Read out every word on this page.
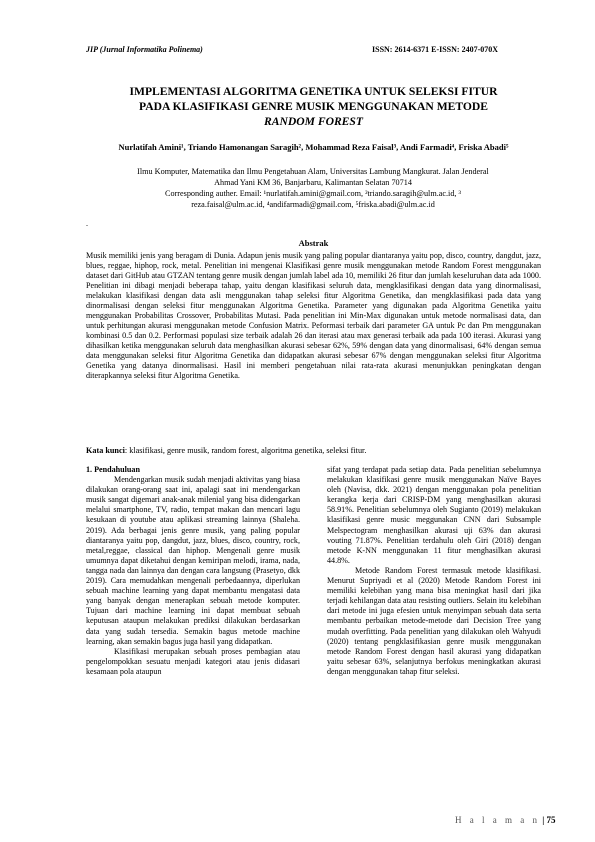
JIP (Jurnal Informatika Polinema)	ISSN: 2614-6371 E-ISSN: 2407-070X
IMPLEMENTASI ALGORITMA GENETIKA UNTUK SELEKSI FITUR
PADA KLASIFIKASI GENRE MUSIK MENGGUNAKAN METODE
RANDOM FOREST
Nurlatifah Amini¹, Triando Hamonangan Saragih², Mohammad Reza Faisal³, Andi Farmadi⁴, Friska Abadi⁵
Ilmu Komputer, Matematika dan Ilmu Pengetahuan Alam, Universitas Lambung Mangkurat. Jalan Jenderal
Ahmad Yani KM 36, Banjarbaru, Kalimantan Selatan 70714
Corresponding auther. Email: ¹nurlatifah.amini@gmail.com, ²triando.saragih@ulm.ac.id, ³
reza.faisal@ulm.ac.id, ⁴andifarmadi@gmail.com, ⁵friska.abadi@ulm.ac.id
.
Abstrak
Musik memiliki jenis yang beragam di Dunia. Adapun jenis musik yang paling popular diantaranya yaitu pop, disco, country, dangdut, jazz, blues, reggae, hiphop, rock, metal. Penelitian ini mengenai Klasifikasi genre musik menggunakan metode Random Forest menggunakan dataset dari GitHub atau GTZAN tentang genre musik dengan jumlah label ada 10, memiliki 26 fitur dan jumlah keseluruhan data ada 1000. Penelitian ini dibagi menjadi beberapa tahap, yaitu dengan klasifikasi seluruh data, mengklasifikasi dengan data yang dinormalisasi, melakukan klasifikasi dengan data asli menggunakan tahap seleksi fitur Algoritma Genetika, dan mengklasifikasi pada data yang dinormalisasi dengan seleksi fitur menggunakan Algoritma Genetika. Parameter yang digunakan pada Algoritma Genetika yaitu menggunakan Probabilitas Crossover, Probabilitas Mutasi. Pada penelitian ini Min-Max digunakan untuk metode normalisasi data, dan untuk perhitungan akurasi menggunakan metode Confusion Matrix. Peformasi terbaik dari parameter GA untuk Pc dan Pm menggunakan kombinasi 0.5 dan 0.2. Performasi populasi size terbaik adalah 26 dan iterasi atau max generasi terbaik ada pada 100 iterasi. Akurasi yang dihasilkan ketika menggunakan seluruh data menghasilkan akurasi sebesar 62%, 59% dengan data yang dinormalisasi, 64% dengan semua data menggunakan seleksi fitur Algoritma Genetika dan didapatkan akurasi sebesar 67% dengan menggunakan seleksi fitur Algoritma Genetika yang datanya dinormalisasi. Hasil ini memberi pengetahuan nilai rata-rata akurasi menunjukkan peningkatan dengan diterapkannya seleksi fitur Algoritma Genetika.
Kata kunci: klasifikasi, genre musik, random forest, algoritma genetika, seleksi fitur.

1. Pendahuluan

Mendengarkan musik sudah menjadi aktivitas yang biasa dilakukan orang-orang saat ini, apalagi saat ini mendengarkan musik sangat digemari anak-anak milenial yang bisa didengarkan melalui smartphone, TV, radio, tempat makan dan mencari lagu kesukaan di youtube atau aplikasi streaming lainnya (Shaleha. 2019). Ada berbagai jenis genre musik, yang paling popular diantaranya yaitu pop, dangdut, jazz, blues, disco, country, rock, metal,reggae, classical dan hiphop. Mengenali genre musik umumnya dapat diketahui dengan kemiripan melodi, irama, nada, tangga nada dan lainnya dan dengan cara langsung (Prasetyo, dkk 2019). Cara memudahkan mengenali perbedaannya, diperlukan sebuah machine learning yang dapat membantu mengatasi data yang banyak dengan menerapkan sebuah metode komputer. Tujuan dari machine learning ini dapat membuat sebuah keputusan ataupun melakukan prediksi dilakukan berdasarkan data yang sudah tersedia. Semakin bagus metode machine learning, akan semakin bagus juga hasil yang didapatkan.

Klasifikasi merupakan sebuah proses pembagian atau pengelompokkan sesuatu menjadi kategori atau jenis didasari kesamaan pola ataupun

sifat yang terdapat pada setiap data. Pada penelitian sebelumnya melakukan klasifikasi genre musik menggunakan Naïve Bayes oleh (Navisa, dkk. 2021) dengan menggunakan pola penelitian kerangka kerja dari CRISP-DM yang menghasilkan akurasi 58.91%. Penelitian sebelumnya oleh Sugianto (2019) melakukan klasifikasi genre music meggunakan CNN dari Subsample Melspectogram menghasilkan akurasi uji 63% dan akurasi vouting 71.87%. Penelitian terdahulu oleh Giri (2018) dengan metode K-NN menggunakan 11 fitur menghasilkan akurasi 44.8%.

Metode Random Forest termasuk metode klasifikasi. Menurut Supriyadi et al (2020) Metode Random Forest ini memiliki kelebihan yang mana bisa meningkat hasil dari jika terjadi kehilangan data atau resisting outliers. Selain itu kelebihan dari metode ini juga efesien untuk menyimpan sebuah data serta membantu perbaikan metode-metode dari Decision Tree yang mudah overfitting. Pada penelitian yang dilakukan oleh Wahyudi (2020) tentang pengklasifikasian genre musik menggunakan metode Random Forest dengan hasil akurasi yang didapatkan yaitu sebesar 63%, selanjutnya berfokus meningkatkan akurasi dengan menggunakan tahap fitur seleksi.

H a l a m a n | 75
